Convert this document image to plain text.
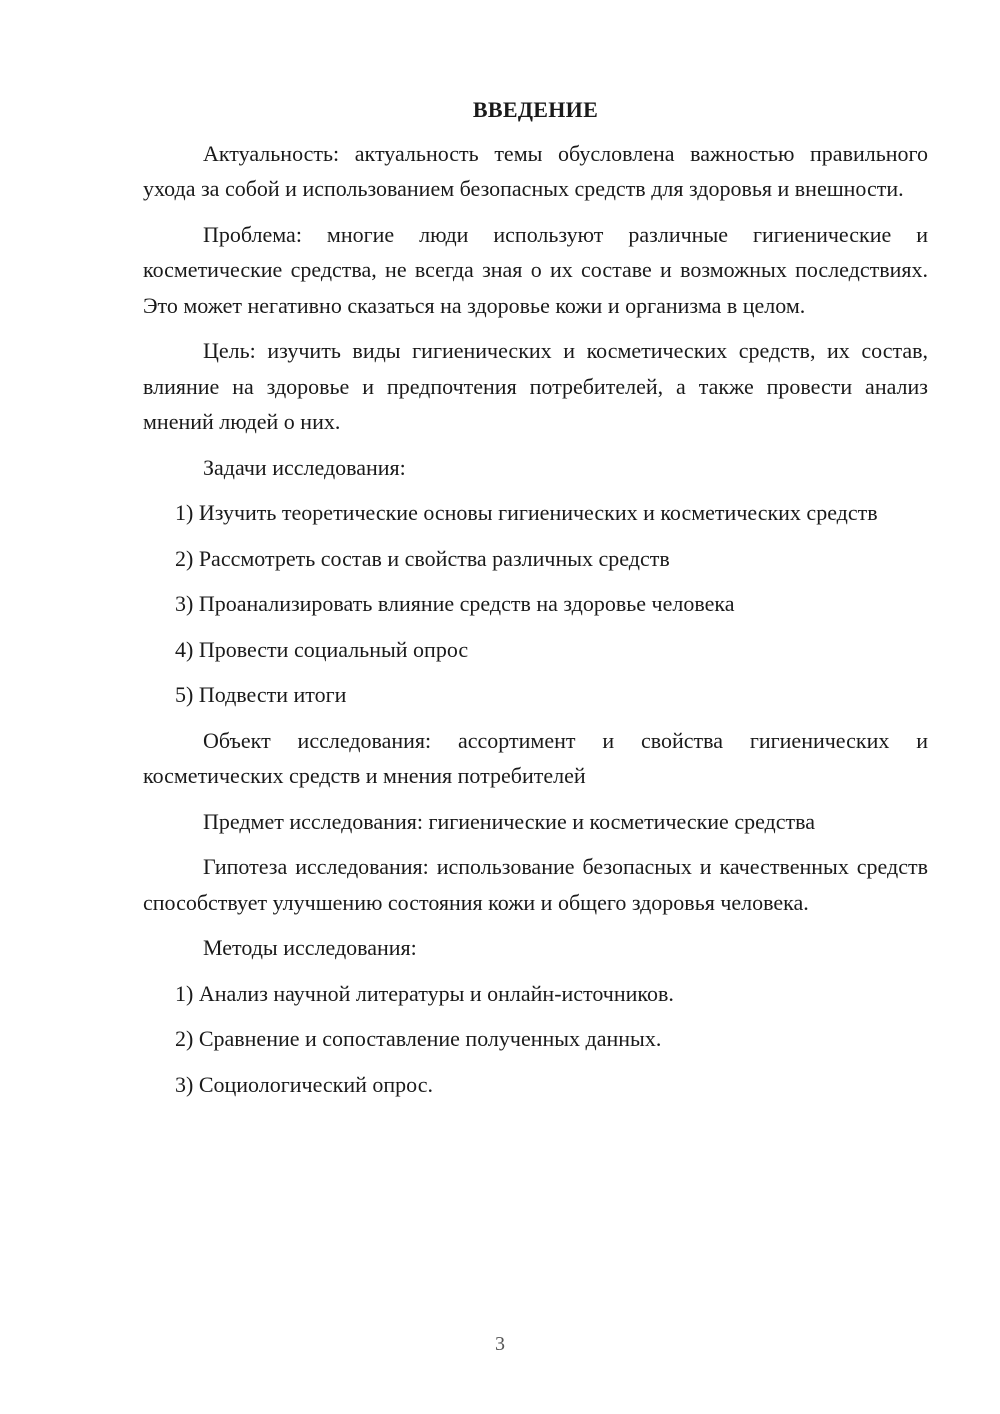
ВВЕДЕНИЕ

Актуальность: актуальность темы обусловлена важностью правильного ухода за собой и использованием безопасных средств для здоровья и внешности.

Проблема: многие люди используют различные гигиенические и косметические средства, не всегда зная о их составе и возможных последствиях. Это может негативно сказаться на здоровье кожи и организма в целом.

Цель: изучить виды гигиенических и косметических средств, их состав, влияние на здоровье и предпочтения потребителей, а также провести анализ мнений людей о них.

Задачи исследования:

1) Изучить теоретические основы гигиенических и косметических средств

2) Рассмотреть состав и свойства различных средств

3) Проанализировать влияние средств на здоровье человека

4) Провести социальный опрос

5) Подвести итоги

Объект исследования: ассортимент и свойства гигиенических и косметических средств и мнения потребителей

Предмет исследования: гигиенические и косметические средства

Гипотеза исследования: использование безопасных и качественных средств способствует улучшению состояния кожи и общего здоровья человека.

Методы исследования:

1) Анализ научной литературы и онлайн-источников.

2) Сравнение и сопоставление полученных данных.

3) Социологический опрос.

3
